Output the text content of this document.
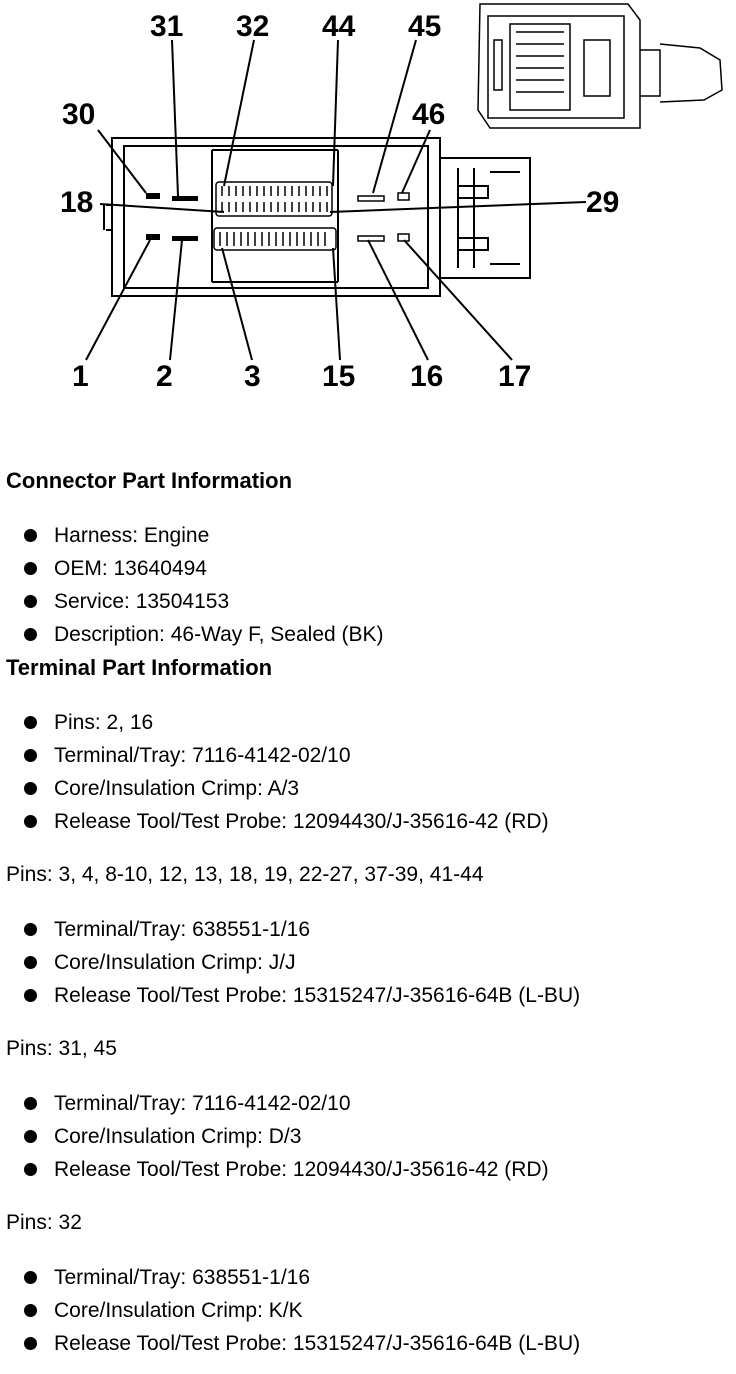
31 32 44 45
30	46
18	29
1 2 3 15 16 17
Connector Part Information
Harness: Engine
OEM: 13640494
Service: 13504153
Description: 46-Way F, Sealed (BK)
Terminal Part Information
Pins: 2, 16
Terminal/Tray: 7116-4142-02/10
Core/Insulation Crimp: A/3
Release Tool/Test Probe: 12094430/J-35616-42 (RD)

Pins: 3, 4, 8-10, 12, 13, 18, 19, 22-27, 37-39, 41-44

Terminal/Tray: 638551-1/16
Core/Insulation Crimp: J/J
Release Tool/Test Probe: 15315247/J-35616-64B (L-BU)

Pins: 31, 45

Terminal/Tray: 7116-4142-02/10
Core/Insulation Crimp: D/3
Release Tool/Test Probe: 12094430/J-35616-42 (RD)

Pins: 32

Terminal/Tray: 638551-1/16
Core/Insulation Crimp: K/K
Release Tool/Test Probe: 15315247/J-35616-64B (L-BU)
